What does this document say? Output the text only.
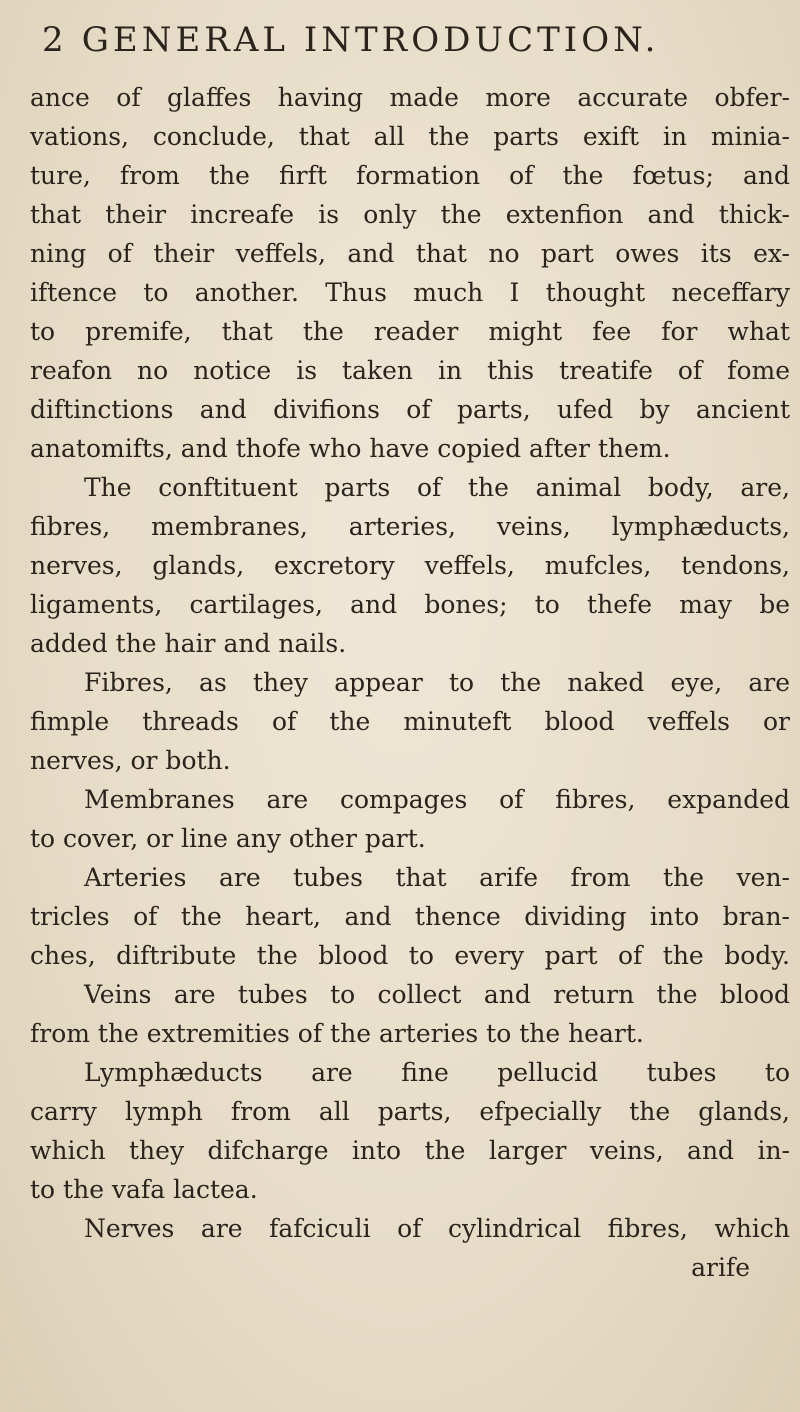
2 GENERAL INTRODUCTION.
ance of glaffes having made more accurate obfer-
vations, conclude, that all the parts exift in minia-
ture, from the firft formation of the fœtus; and
that their increafe is only the extenfion and thick-
ning of their veffels, and that no part owes its ex-
iftence to another. Thus much I thought neceffary
to premife, that the reader might fee for what
reafon no notice is taken in this treatife of fome
diftinctions and divifions of parts, ufed by ancient
anatomifts, and thofe who have copied after them.
The conftituent parts of the animal body, are,
fibres, membranes, arteries, veins, lymphæducts,
nerves, glands, excretory veffels, mufcles, tendons,
ligaments, cartilages, and bones; to thefe may be
added the hair and nails.
Fibres, as they appear to the naked eye, are
fimple threads of the minuteft blood veffels or
nerves, or both.
Membranes are compages of fibres, expanded
to cover, or line any other part.
Arteries are tubes that arife from the ven-
tricles of the heart, and thence dividing into bran-
ches, diftribute the blood to every part of the body.
Veins are tubes to collect and return the blood
from the extremities of the arteries to the heart.
Lymphæducts are fine pellucid tubes to
carry lymph from all parts, efpecially the glands,
which they difcharge into the larger veins, and in-
to the vafa lactea.
Nerves are fafciculi of cylindrical fibres, which
arife
